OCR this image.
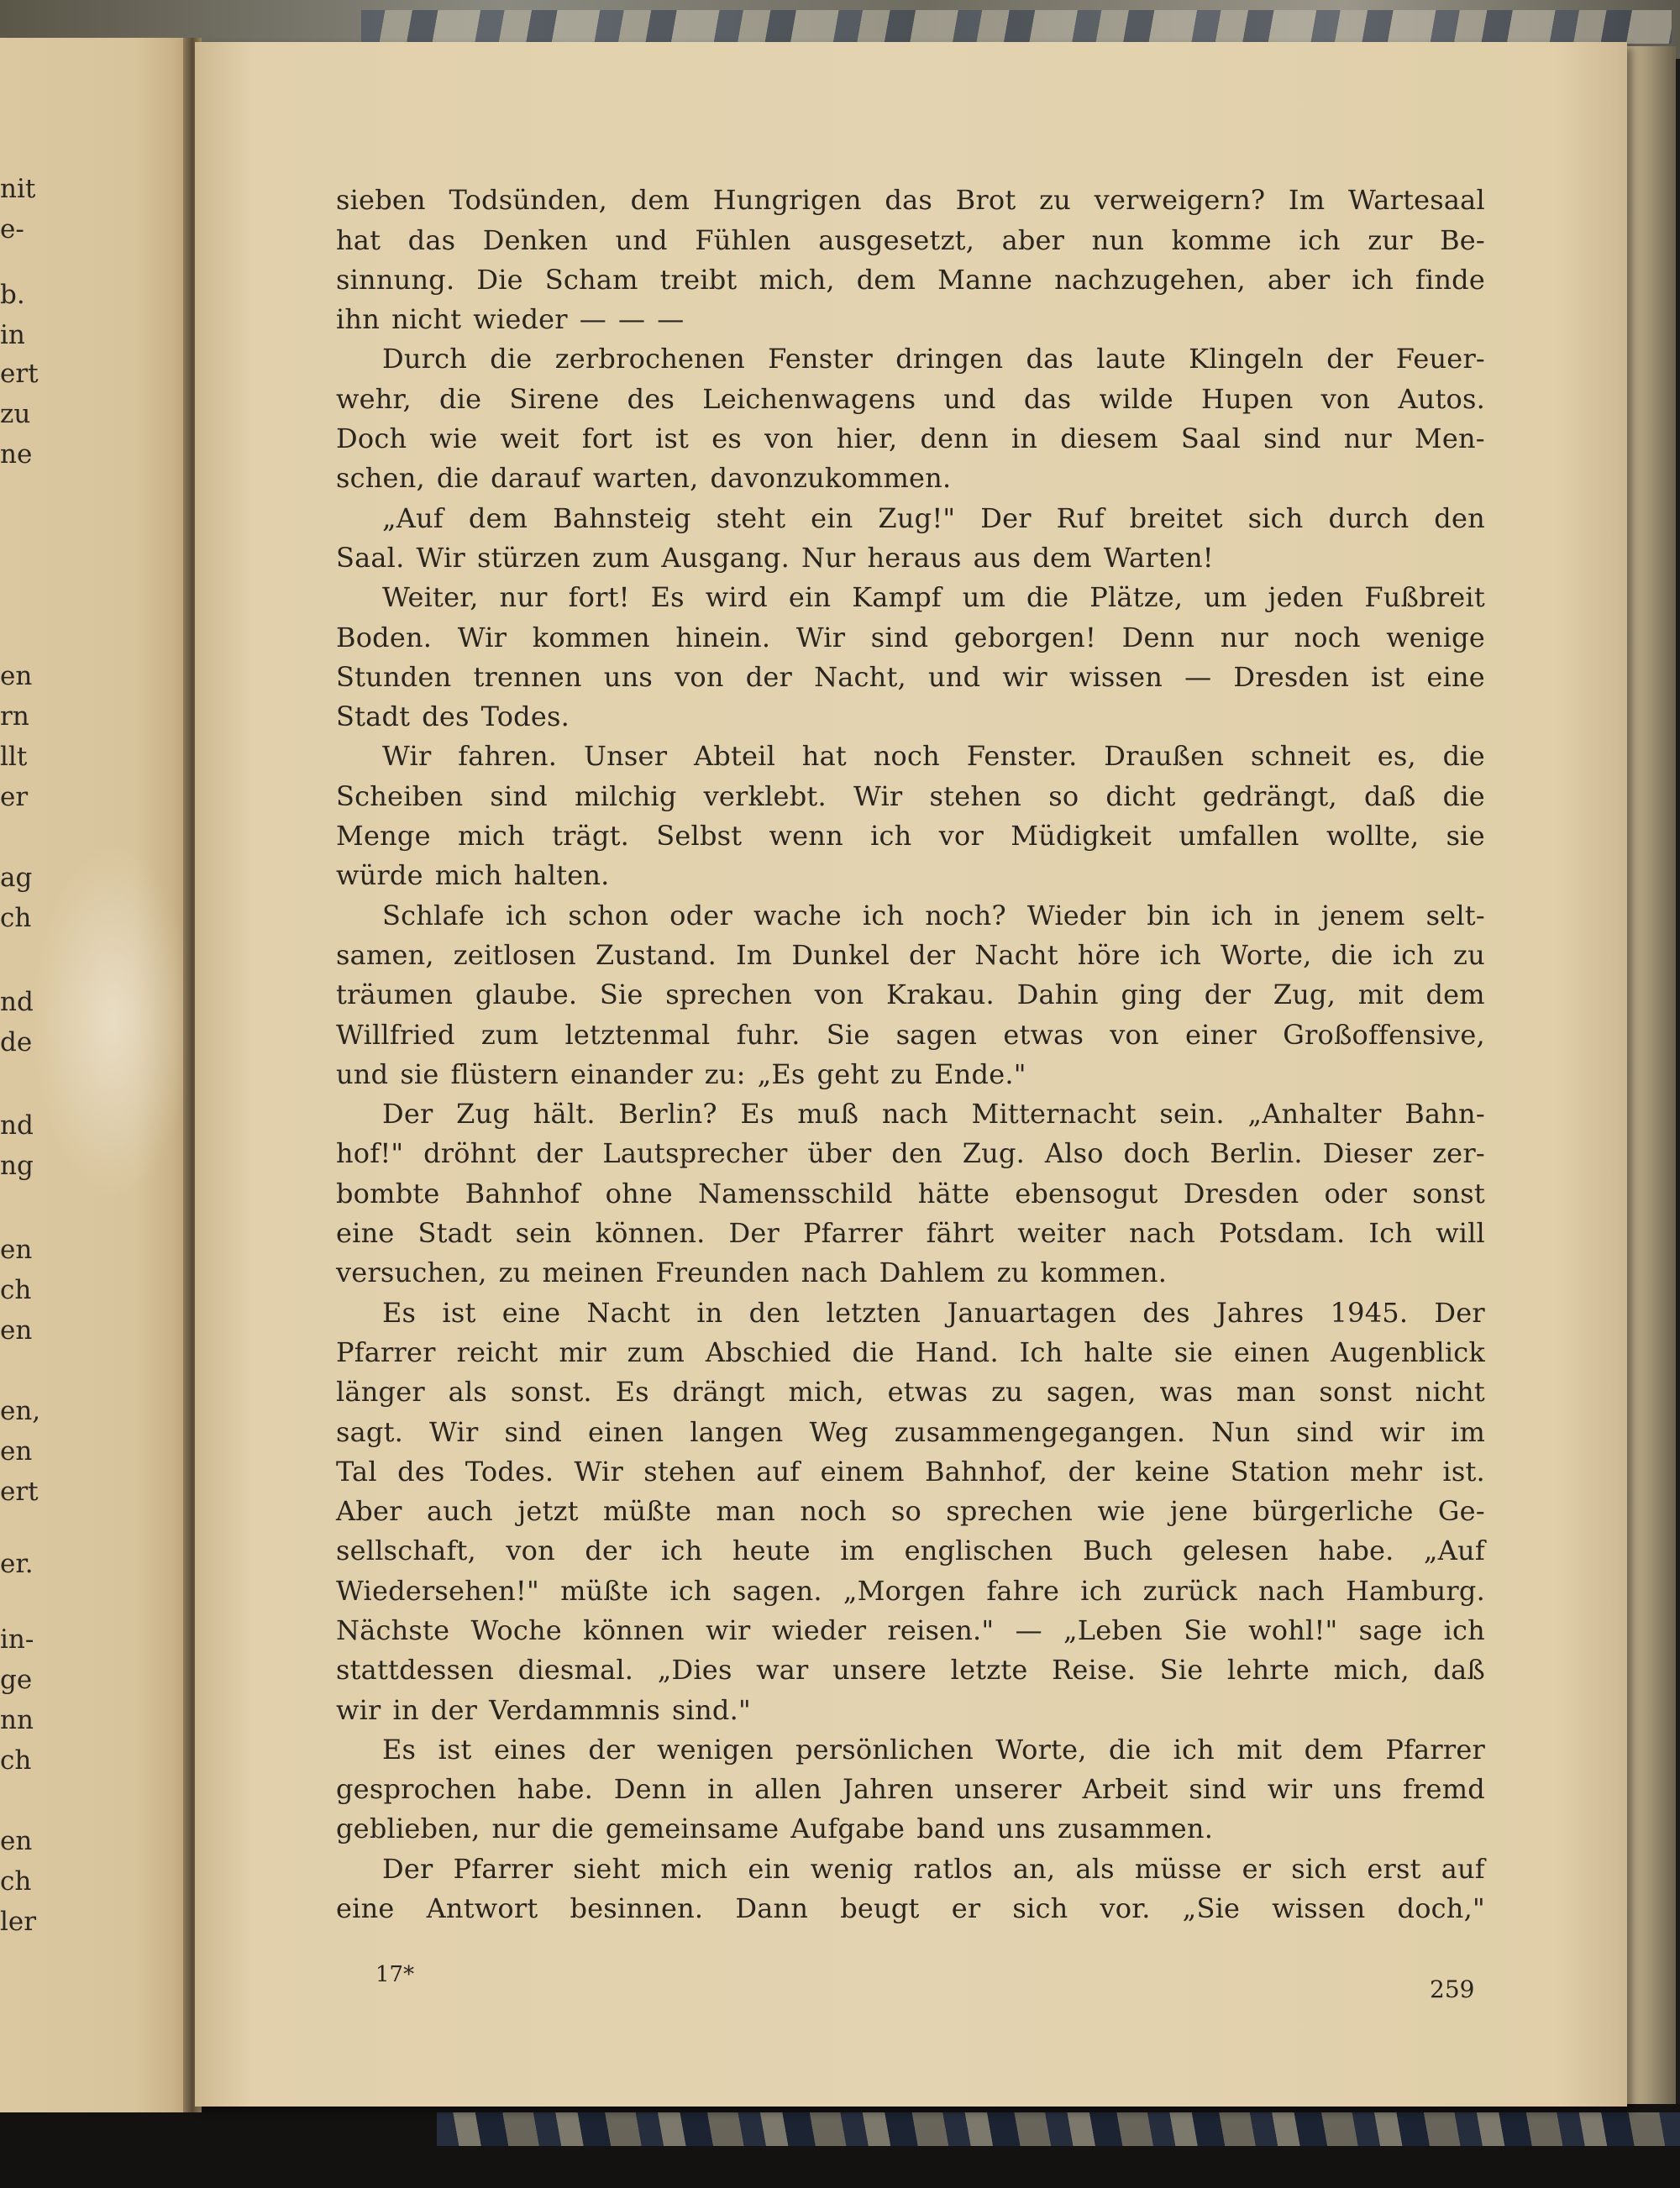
nit
e-
b.
in
ert
zu
ne
en
rn
llt
er
ag
ch
nd
de
nd
ng
en
ch
en
en,
en
ert
er.
in-
ge
nn
ch
en
ch
ler
sieben Todsünden, dem Hungrigen das Brot zu verweigern? Im Wartesaal
hat das Denken und Fühlen ausgesetzt, aber nun komme ich zur Be-
sinnung. Die Scham treibt mich, dem Manne nachzugehen, aber ich finde
ihn nicht wieder — — —
Durch die zerbrochenen Fenster dringen das laute Klingeln der Feuer-
wehr, die Sirene des Leichenwagens und das wilde Hupen von Autos.
Doch wie weit fort ist es von hier, denn in diesem Saal sind nur Men-
schen, die darauf warten, davonzukommen.
„Auf dem Bahnsteig steht ein Zug!" Der Ruf breitet sich durch den
Saal. Wir stürzen zum Ausgang. Nur heraus aus dem Warten!
Weiter, nur fort! Es wird ein Kampf um die Plätze, um jeden Fußbreit
Boden. Wir kommen hinein. Wir sind geborgen! Denn nur noch wenige
Stunden trennen uns von der Nacht, und wir wissen — Dresden ist eine
Stadt des Todes.
Wir fahren. Unser Abteil hat noch Fenster. Draußen schneit es, die
Scheiben sind milchig verklebt. Wir stehen so dicht gedrängt, daß die
Menge mich trägt. Selbst wenn ich vor Müdigkeit umfallen wollte, sie
würde mich halten.
Schlafe ich schon oder wache ich noch? Wieder bin ich in jenem selt-
samen, zeitlosen Zustand. Im Dunkel der Nacht höre ich Worte, die ich zu
träumen glaube. Sie sprechen von Krakau. Dahin ging der Zug, mit dem
Willfried zum letztenmal fuhr. Sie sagen etwas von einer Großoffensive,
und sie flüstern einander zu: „Es geht zu Ende."
Der Zug hält. Berlin? Es muß nach Mitternacht sein. „Anhalter Bahn-
hof!" dröhnt der Lautsprecher über den Zug. Also doch Berlin. Dieser zer-
bombte Bahnhof ohne Namensschild hätte ebensogut Dresden oder sonst
eine Stadt sein können. Der Pfarrer fährt weiter nach Potsdam. Ich will
versuchen, zu meinen Freunden nach Dahlem zu kommen.
Es ist eine Nacht in den letzten Januartagen des Jahres 1945. Der
Pfarrer reicht mir zum Abschied die Hand. Ich halte sie einen Augenblick
länger als sonst. Es drängt mich, etwas zu sagen, was man sonst nicht
sagt. Wir sind einen langen Weg zusammengegangen. Nun sind wir im
Tal des Todes. Wir stehen auf einem Bahnhof, der keine Station mehr ist.
Aber auch jetzt müßte man noch so sprechen wie jene bürgerliche Ge-
sellschaft, von der ich heute im englischen Buch gelesen habe. „Auf
Wiedersehen!" müßte ich sagen. „Morgen fahre ich zurück nach Hamburg.
Nächste Woche können wir wieder reisen." — „Leben Sie wohl!" sage ich
stattdessen diesmal. „Dies war unsere letzte Reise. Sie lehrte mich, daß
wir in der Verdammnis sind."
Es ist eines der wenigen persönlichen Worte, die ich mit dem Pfarrer
gesprochen habe. Denn in allen Jahren unserer Arbeit sind wir uns fremd
geblieben, nur die gemeinsame Aufgabe band uns zusammen.
Der Pfarrer sieht mich ein wenig ratlos an, als müsse er sich erst auf
eine Antwort besinnen. Dann beugt er sich vor. „Sie wissen doch,"
17*
259
